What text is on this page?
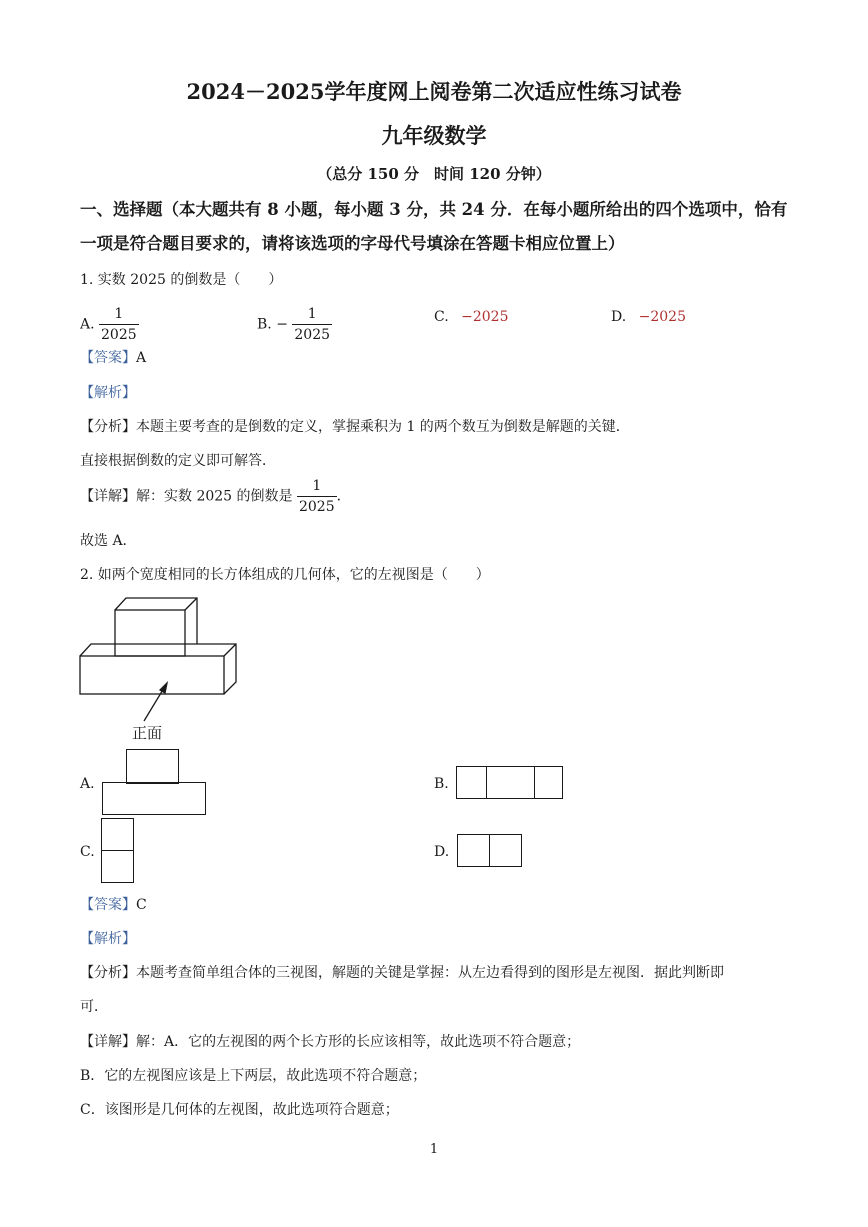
2024－2025学年度网上阅卷第二次适应性练习试卷
九年级数学
（总分 150 分　时间 120 分钟）
一、选择题（本大题共有 8 小题，每小题 3 分，共 24 分．在每小题所给出的四个选项中，恰有一项是符合题目要求的，请将该选项的字母代号填涂在答题卡相应位置上）
1. 实数 2025 的倒数是（　　）
A. $\frac{1}{2025}$	B. − $\frac{1}{2025}$	C. −2025	D. −2025
【答案】A
【解析】
【分析】本题主要考查的是倒数的定义，掌握乘积为 1 的两个数互为倒数是解题的关键．
直接根据倒数的定义即可解答．
【详解】解：实数 2025 的倒数是 $\frac{1}{2025}$ ．
故选 A．
2. 如两个宽度相同的长方体组成的几何体，它的左视图是（　　）
正面
A.	B.
C.	D.
【答案】C
【解析】
【分析】本题考查简单组合体的三视图，解题的关键是掌握：从左边看得到的图形是左视图．据此判断即
可．
【详解】解：A．它的左视图的两个长方形的长应该相等，故此选项不符合题意；
B．它的左视图应该是上下两层，故此选项不符合题意；
C．该图形是几何体的左视图，故此选项符合题意；
1
